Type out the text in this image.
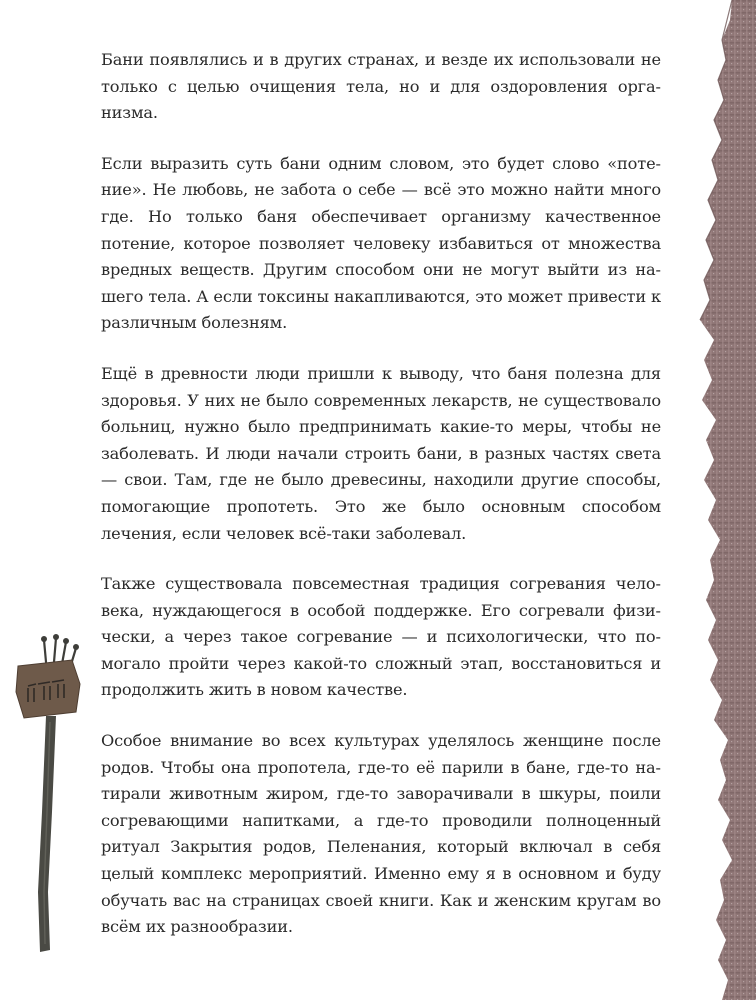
Бани появлялись и в других странах, и везде их использовали не только с целью очищения тела, но и для оздоровления организма.

Если выразить суть бани одним словом, это будет слово «потение». Не любовь, не забота о себе — всё это можно найти много где. Но только баня обеспечивает организму качественное потение, которое позволяет человеку избавиться от множества вредных веществ. Другим способом они не могут выйти из нашего тела. А если токсины накапливаются, это может привести к различным болезням.

Ещё в древности люди пришли к выводу, что баня полезна для здоровья. У них не было современных лекарств, не существовало больниц, нужно было предпринимать какие-то меры, чтобы не заболевать. И люди начали строить бани, в разных частях света — свои. Там, где не было древесины, находили другие способы, помогающие пропотеть. Это же было основным способом лечения, если человек всё-таки заболевал.

Также существовала повсеместная традиция согревания человека, нуждающегося в особой поддержке. Его согревали физически, а через такое согревание — и психологически, что помогало пройти через какой-то сложный этап, восстановиться и продолжить жить в новом качестве.

Особое внимание во всех культурах уделялось женщине после родов. Чтобы она пропотела, где-то её парили в бане, где-то натирали животным жиром, где-то заворачивали в шкуры, поили согревающими напитками, а где-то проводили полноценный ритуал Закрытия родов, Пеленания, который включал в себя целый комплекс мероприятий. Именно ему я в основном и буду обучать вас на страницах своей книги. Как и женским кругам во всём их разнообразии.
